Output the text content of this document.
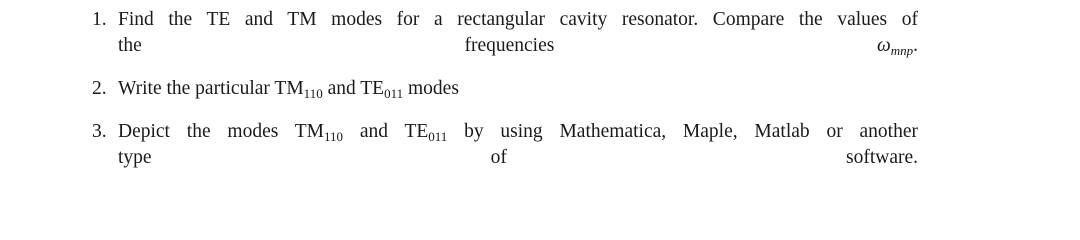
1. Find the TE and TM modes for a rectangular cavity resonator. Compare the values of
the frequencies $\omega_{mnp}$.
2. Write the particular $TM_{110}$ and $TE_{011}$ modes
3. Depict the modes $TM_{110}$ and $TE_{011}$ by using Mathematica, Maple, Matlab or another
type of software.
